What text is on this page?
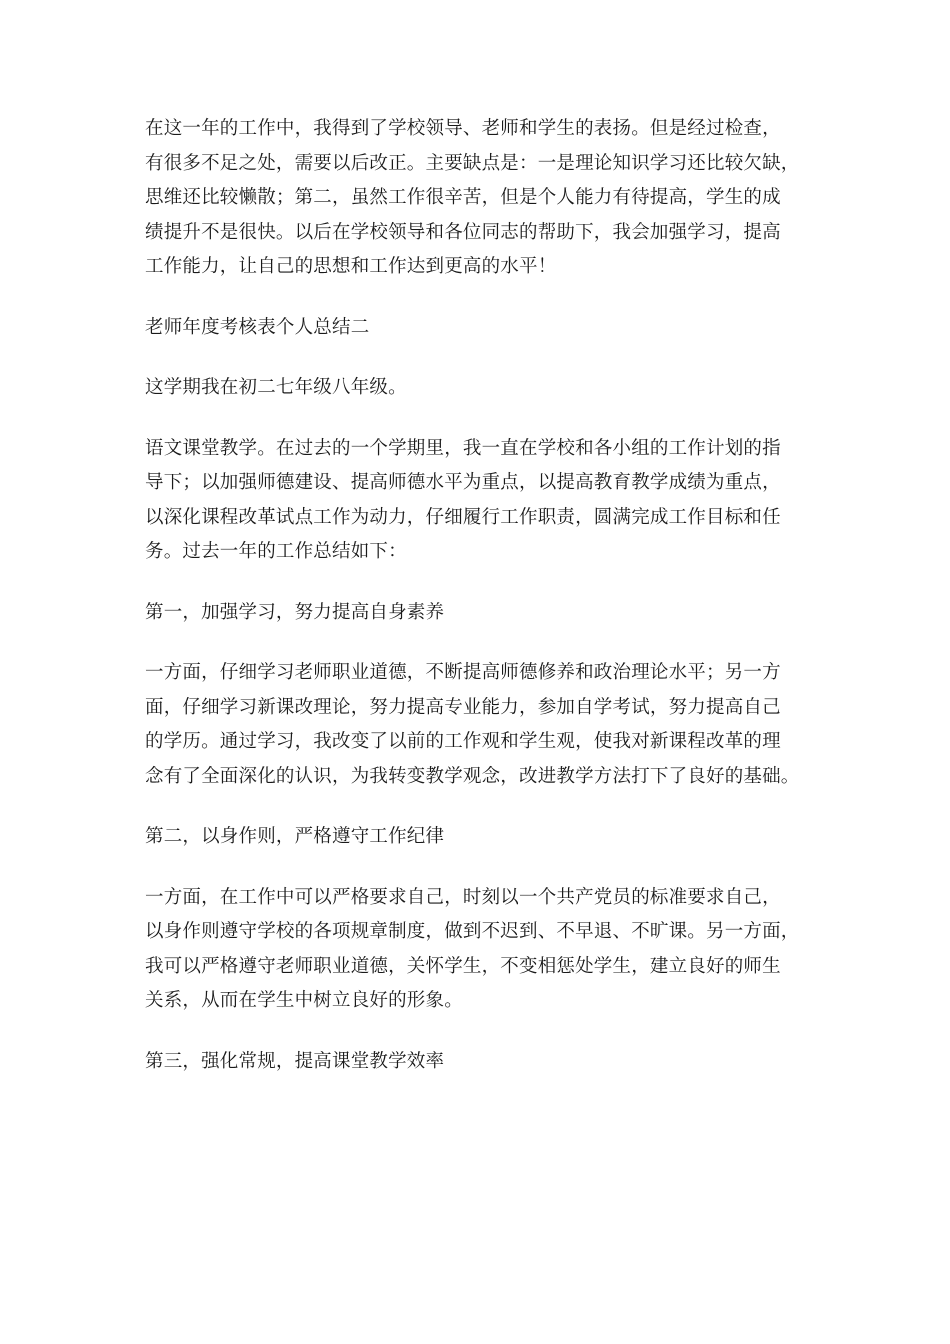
在这一年的工作中，我得到了学校领导、老师和学生的表扬。但是经过检查，
有很多不足之处，需要以后改正。主要缺点是：一是理论知识学习还比较欠缺，
思维还比较懒散；第二，虽然工作很辛苦，但是个人能力有待提高，学生的成
绩提升不是很快。以后在学校领导和各位同志的帮助下，我会加强学习，提高
工作能力，让自己的思想和工作达到更高的水平！

老师年度考核表个人总结二

这学期我在初二七年级八年级。

语文课堂教学。在过去的一个学期里，我一直在学校和各小组的工作计划的指
导下；以加强师德建设、提高师德水平为重点，以提高教育教学成绩为重点，
以深化课程改革试点工作为动力，仔细履行工作职责，圆满完成工作目标和任
务。过去一年的工作总结如下：

第一，加强学习，努力提高自身素养

一方面，仔细学习老师职业道德，不断提高师德修养和政治理论水平；另一方
面，仔细学习新课改理论，努力提高专业能力，参加自学考试，努力提高自己
的学历。通过学习，我改变了以前的工作观和学生观，使我对新课程改革的理
念有了全面深化的认识，为我转变教学观念，改进教学方法打下了良好的基础。

第二，以身作则，严格遵守工作纪律

一方面，在工作中可以严格要求自己，时刻以一个共产党员的标准要求自己，
以身作则遵守学校的各项规章制度，做到不迟到、不早退、不旷课。另一方面，
我可以严格遵守老师职业道德，关怀学生，不变相惩处学生，建立良好的师生
关系，从而在学生中树立良好的形象。

第三，强化常规，提高课堂教学效率
